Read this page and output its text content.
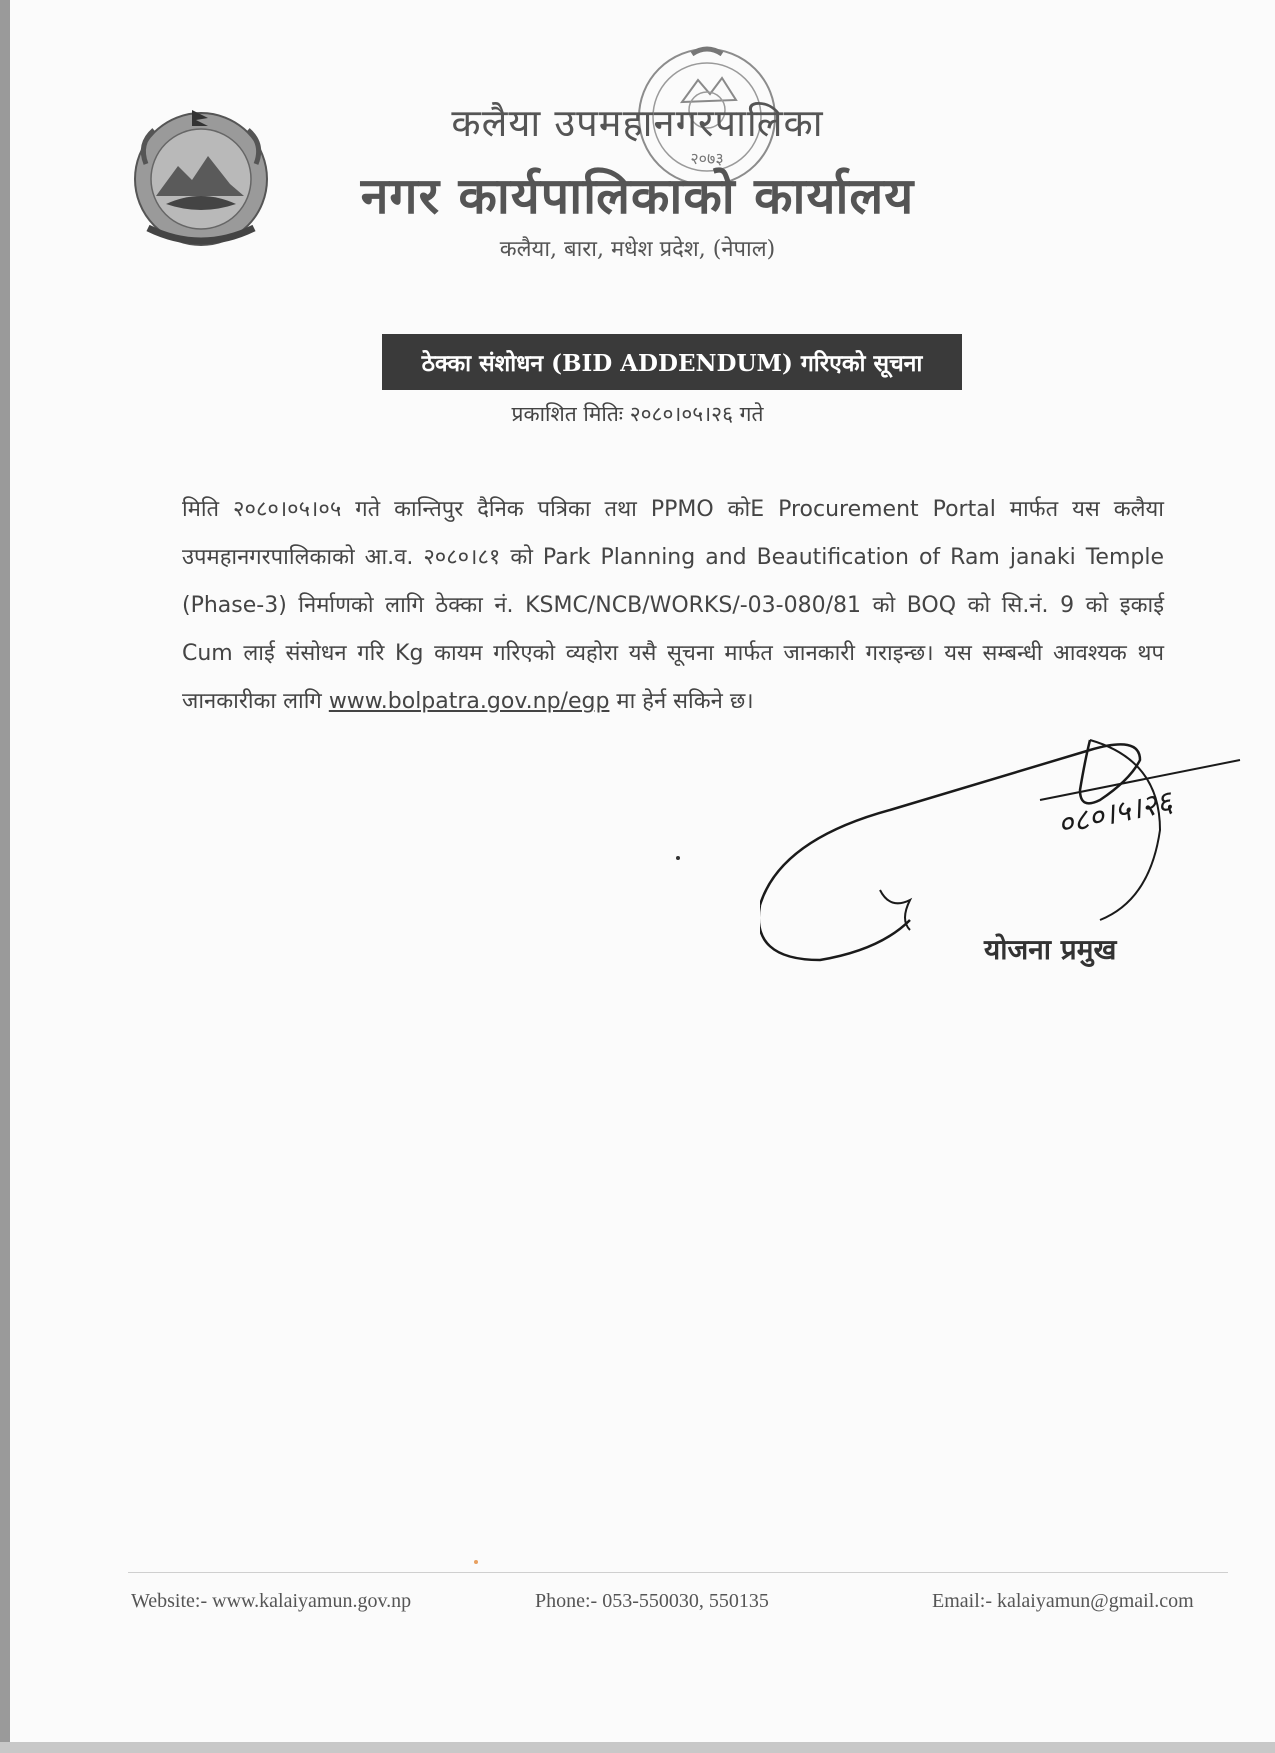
२०७३
कलैया उपमहानगरपालिका
नगर कार्यपालिकाको कार्यालय
कलैया, बारा, मधेश प्रदेश, (नेपाल)
ठेक्का संशोधन (BID ADDENDUM) गरिएको सूचना
प्रकाशित मितिः २०८०।०५।२६ गते
मिति २०८०।०५।०५ गते कान्तिपुर दैनिक पत्रिका तथा PPMO कोE Procurement Portal मार्फत यस कलैया उपमहानगरपालिकाको आ.व. २०८०।८१ को Park Planning and Beautification of Ram janaki Temple (Phase-3) निर्माणको लागि ठेक्का नं. KSMC/NCB/WORKS/-03-080/81 को BOQ को सि.नं. 9 को इकाई Cum लाई संसोधन गरि Kg कायम गरिएको व्यहोरा यसै सूचना मार्फत जानकारी गराइन्छ। यस सम्बन्धी आवश्यक थप जानकारीका लागि www.bolpatra.gov.np/egp मा हेर्न सकिने छ।
०८०।५।२६
योजना प्रमुख
Website:- www.kalaiyamun.gov.np	Phone:- 053-550030, 550135	Email:- kalaiyamun@gmail.com
